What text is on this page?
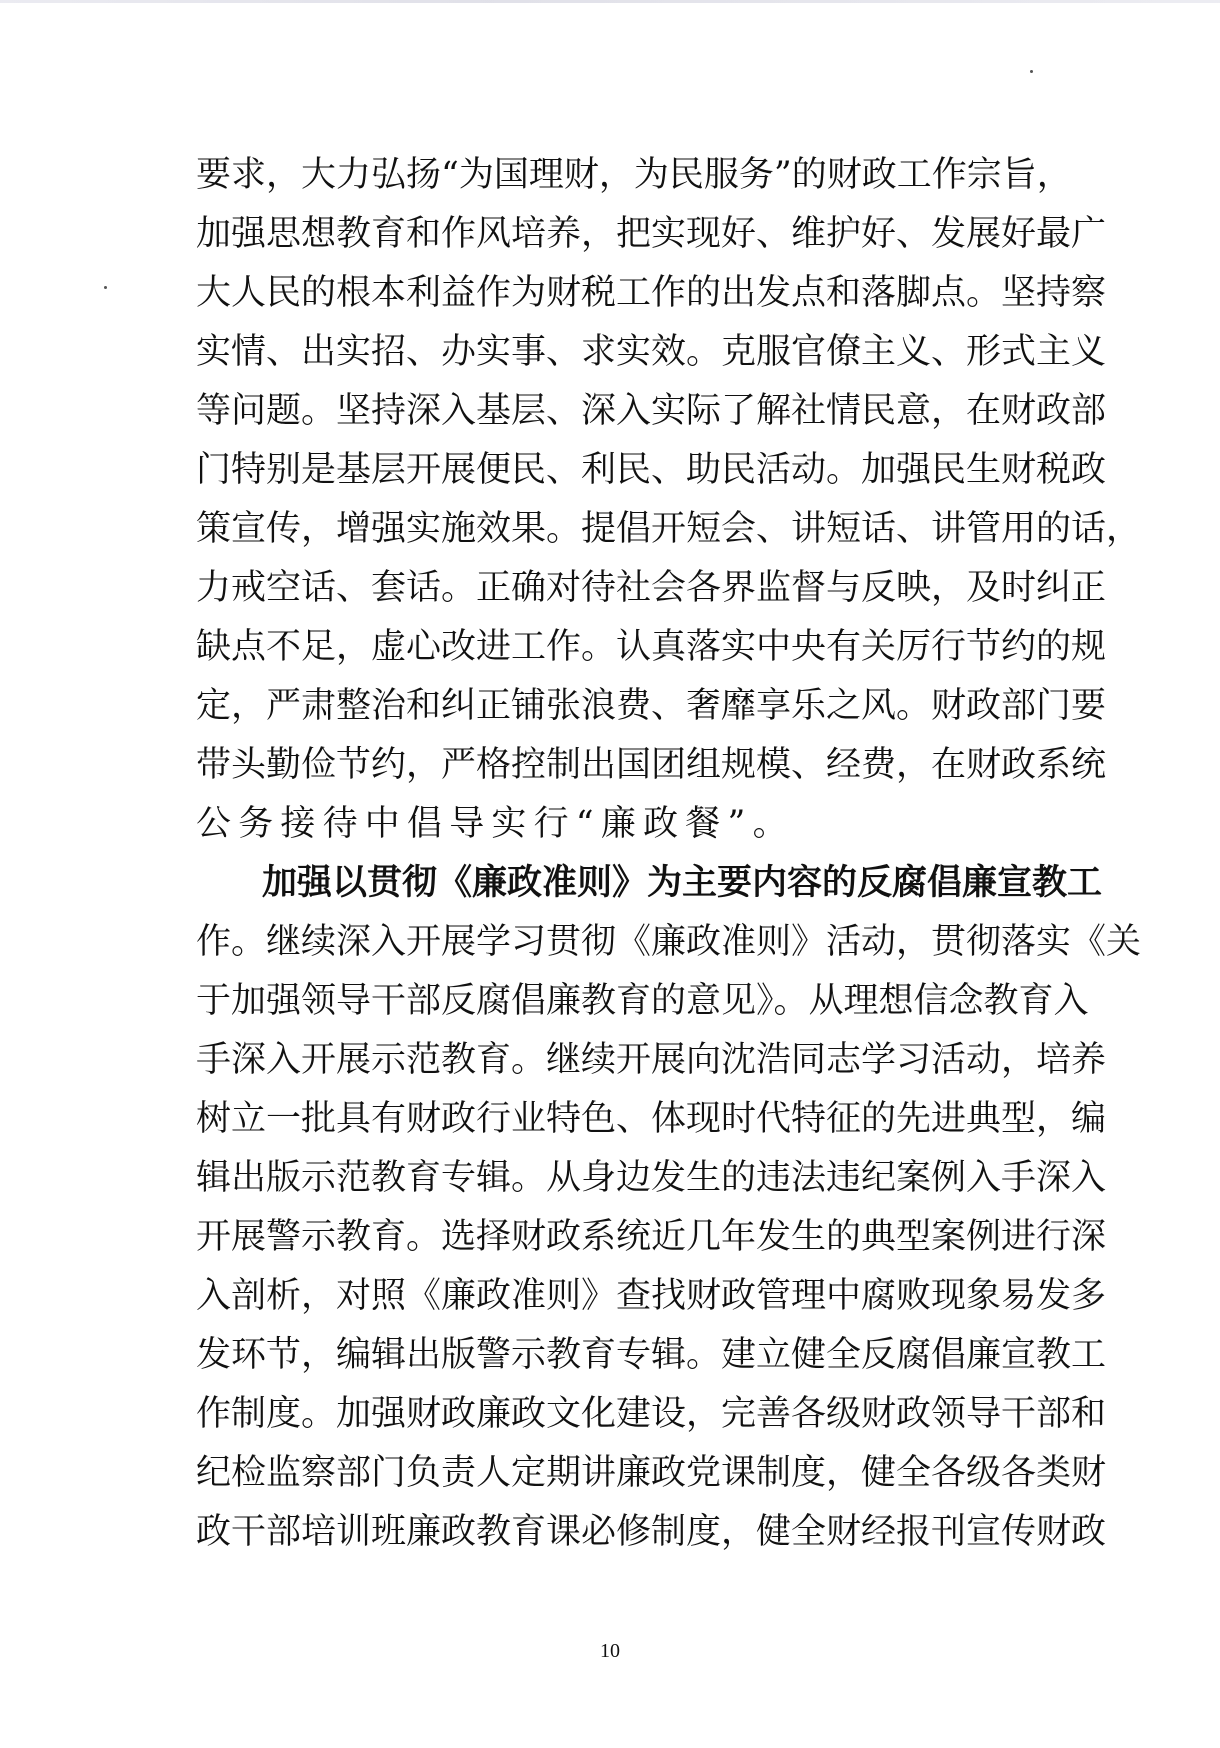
要求，大力弘扬“为国理财，为民服务”的财政工作宗旨，
加强思想教育和作风培养，把实现好、维护好、发展好最广
大人民的根本利益作为财税工作的出发点和落脚点。坚持察
实情、出实招、办实事、求实效。克服官僚主义、形式主义
等问题。坚持深入基层、深入实际了解社情民意，在财政部
门特别是基层开展便民、利民、助民活动。加强民生财税政
策宣传，增强实施效果。提倡开短会、讲短话、讲管用的话，
力戒空话、套话。正确对待社会各界监督与反映，及时纠正
缺点不足，虚心改进工作。认真落实中央有关厉行节约的规
定，严肃整治和纠正铺张浪费、奢靡享乐之风。财政部门要
带头勤俭节约，严格控制出国团组规模、经费，在财政系统
公务接待中倡导实行“廉政餐”。
加强以贯彻《廉政准则》为主要内容的反腐倡廉宣教工
作。继续深入开展学习贯彻《廉政准则》活动，贯彻落实《关
于加强领导干部反腐倡廉教育的意见》。从理想信念教育入
手深入开展示范教育。继续开展向沈浩同志学习活动，培养
树立一批具有财政行业特色、体现时代特征的先进典型，编
辑出版示范教育专辑。从身边发生的违法违纪案例入手深入
开展警示教育。选择财政系统近几年发生的典型案例进行深
入剖析，对照《廉政准则》查找财政管理中腐败现象易发多
发环节，编辑出版警示教育专辑。建立健全反腐倡廉宣教工
作制度。加强财政廉政文化建设，完善各级财政领导干部和
纪检监察部门负责人定期讲廉政党课制度，健全各级各类财
政干部培训班廉政教育课必修制度，健全财经报刊宣传财政
10
